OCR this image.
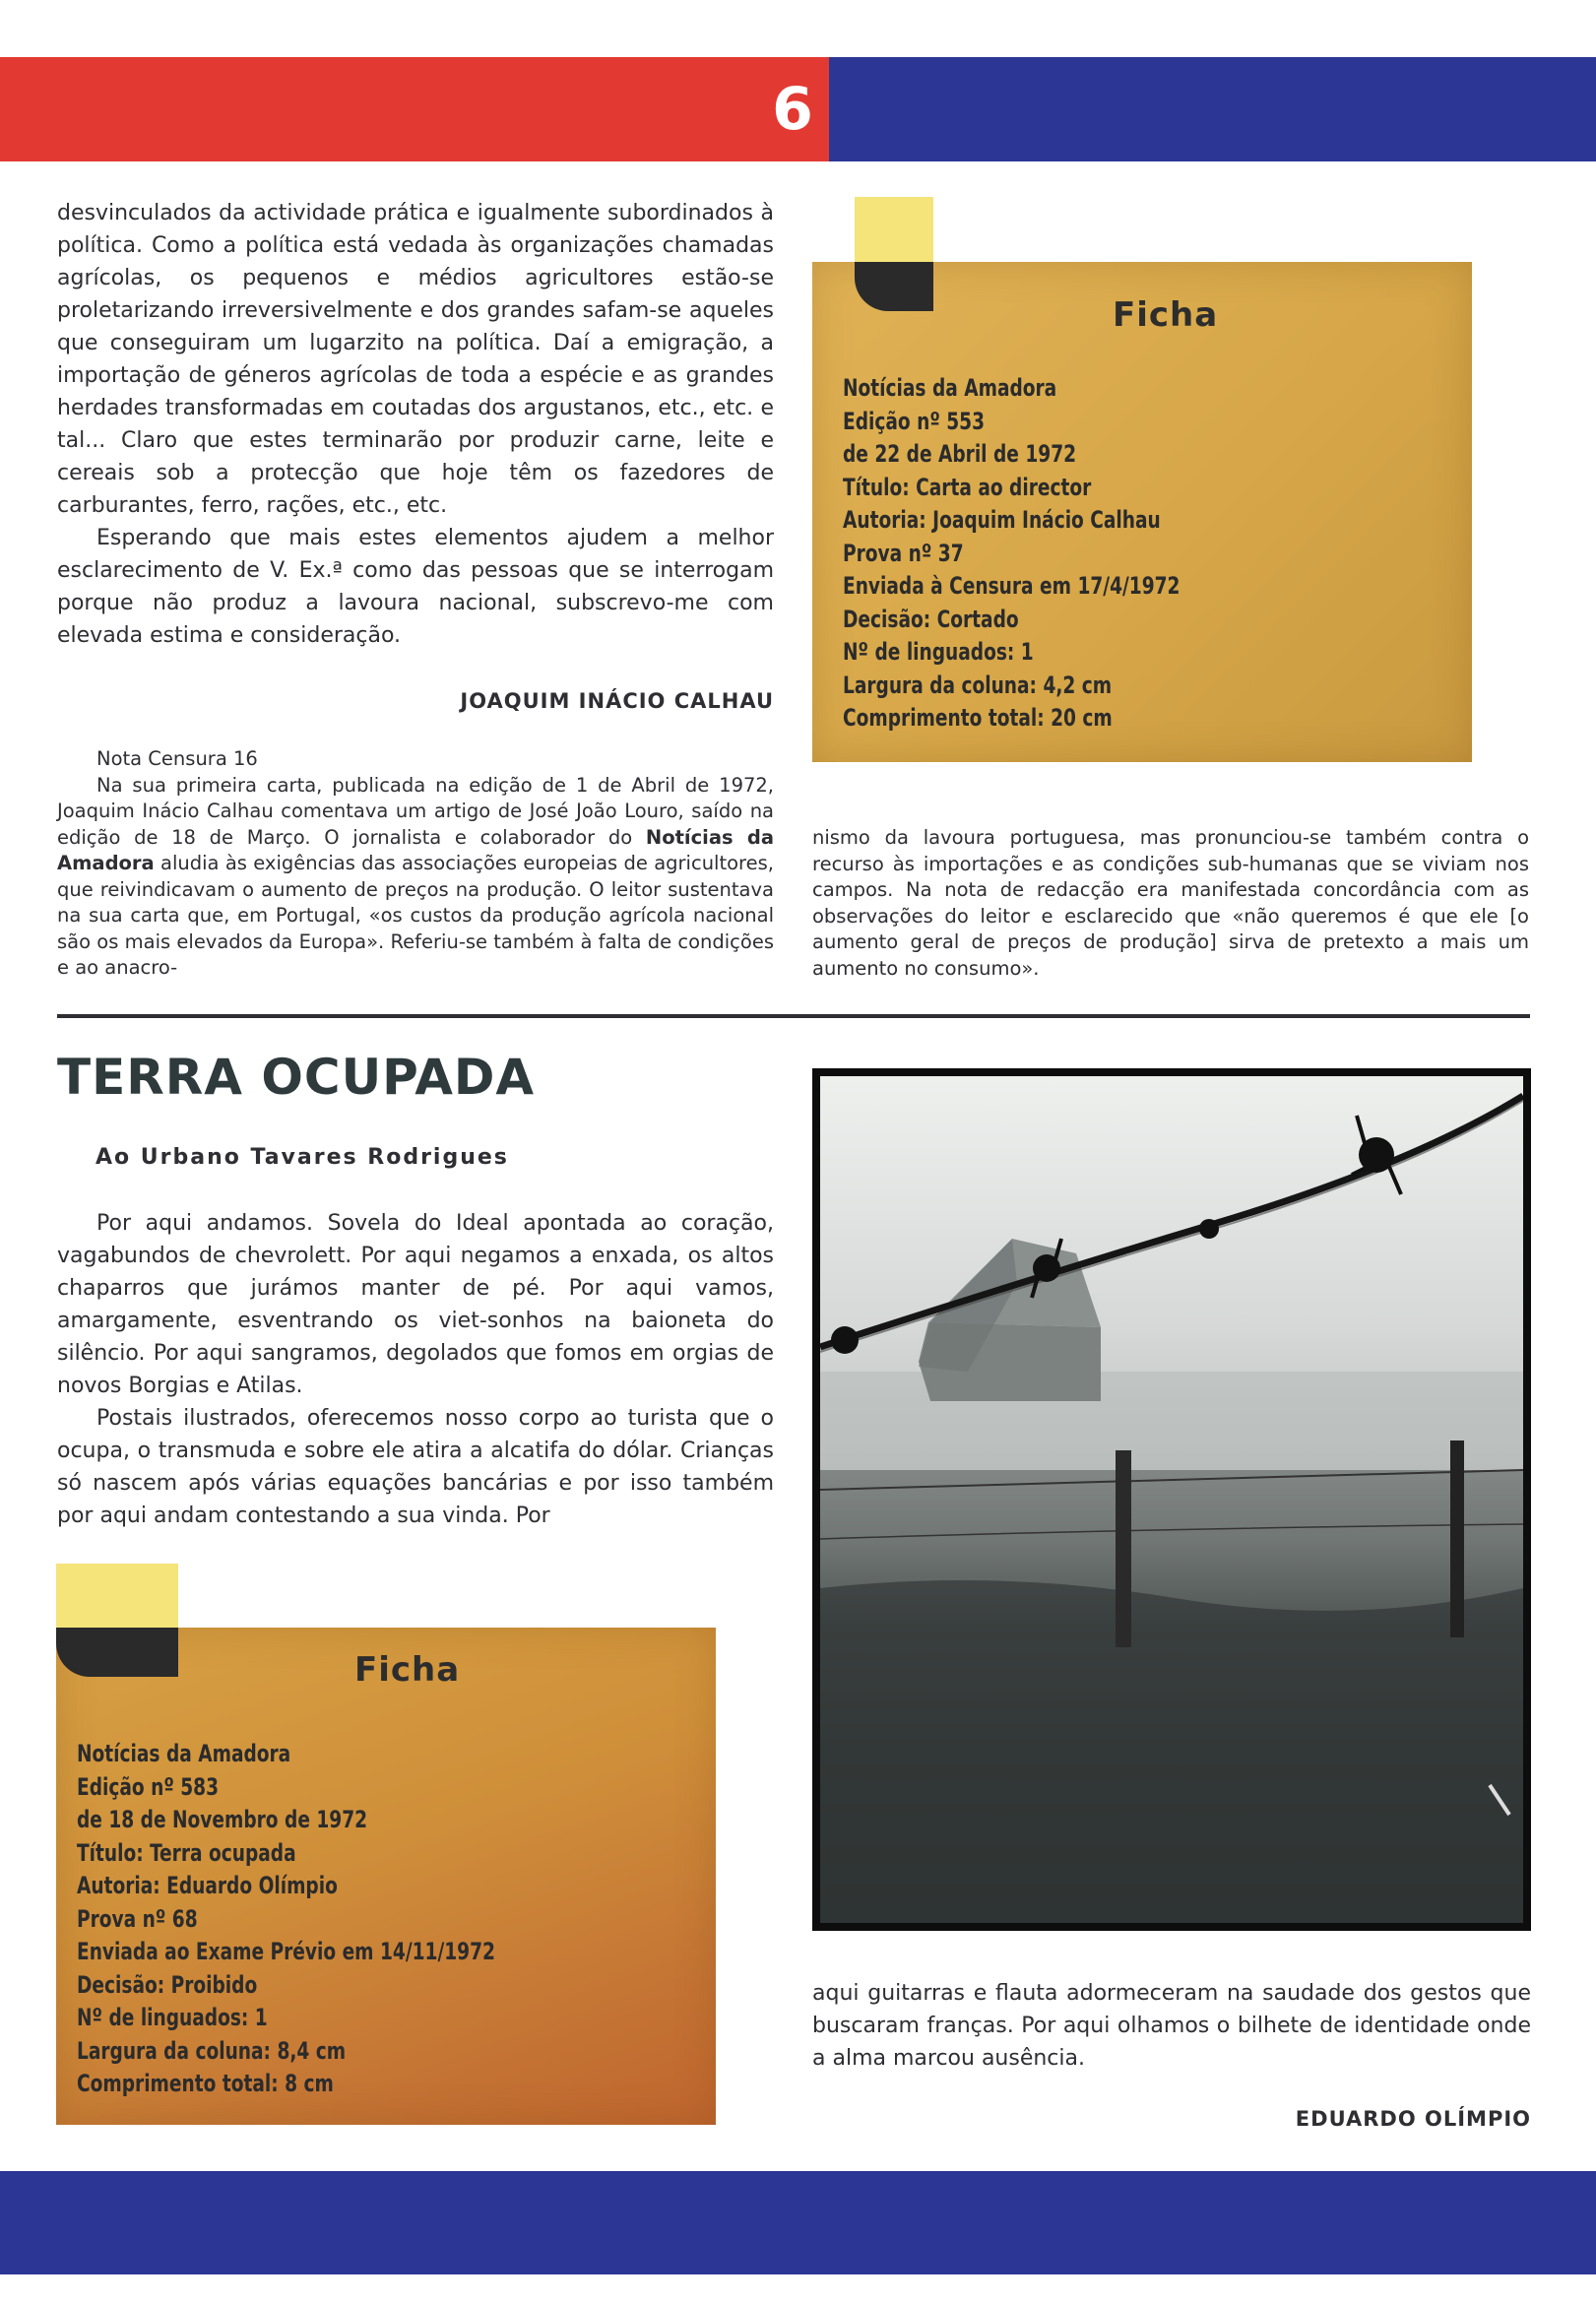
6

desvinculados da actividade prática e igualmente subordinados à política. Como a política está vedada às organizações chamadas agrícolas, os pequenos e médios agricultores estão-se proletarizando irreversivelmente e dos grandes safam-se aqueles que conseguiram um lugarzito na política. Daí a emigração, a importação de géneros agrícolas de toda a espécie e as grandes herdades transformadas em coutadas dos argustanos, etc., etc. e tal... Claro que estes terminarão por produzir carne, leite e cereais sob a protecção que hoje têm os fazedores de carburantes, ferro, rações, etc., etc.

Esperando que mais estes elementos ajudem a melhor esclarecimento de V. Ex.ª como das pessoas que se interrogam porque não produz a lavoura nacional, subscrevo-me com elevada estima e consideração.

JOAQUIM INÁCIO CALHAU

Nota Censura 16

Na sua primeira carta, publicada na edição de 1 de Abril de 1972, Joaquim Inácio Calhau comentava um artigo de José João Louro, saído na edição de 18 de Março. O jornalista e colaborador do Notícias da Amadora aludia às exigências das associações europeias de agricultores, que reivindicavam o aumento de preços na produção. O leitor sustentava na sua carta que, em Portugal, «os custos da produção agrícola nacional são os mais elevados da Europa». Referiu-se também à falta de condições e ao anacro-

nismo da lavoura portuguesa, mas pronunciou-se também contra o recurso às importações e as condições sub-humanas que se viviam nos campos. Na nota de redacção era manifestada concordância com as observações do leitor e esclarecido que «não queremos é que ele [o aumento geral de preços de produção] sirva de pretexto a mais um aumento no consumo».
Ficha
Notícias da Amadora
Edição nº 553
de 22 de Abril de 1972
Título: Carta ao director
Autoria: Joaquim Inácio Calhau
Prova nº 37
Enviada à Censura em 17/4/1972
Decisão: Cortado
Nº de linguados: 1
Largura da coluna: 4,2 cm
Comprimento total: 20 cm
TERRA OCUPADA
Ao Urbano Tavares Rodrigues

Por aqui andamos. Sovela do Ideal apontada ao coração, vagabundos de chevrolett. Por aqui negamos a enxada, os altos chaparros que jurámos manter de pé. Por aqui vamos, amargamente, esventrando os viet-sonhos na baioneta do silêncio. Por aqui sangramos, degolados que fomos em orgias de novos Borgias e Atilas.

Postais ilustrados, oferecemos nosso corpo ao turista que o ocupa, o transmuda e sobre ele atira a alcatifa do dólar. Crianças só nascem após várias equações bancárias e por isso também por aqui andam contestando a sua vinda. Por

aqui guitarras e flauta adormeceram na saudade dos gestos que buscaram franças. Por aqui olhamos o bilhete de identidade onde a alma marcou ausência.
EDUARDO OLÍMPIO
Ficha
Notícias da Amadora
Edição nº 583
de 18 de Novembro de 1972
Título: Terra ocupada
Autoria: Eduardo Olímpio
Prova nº 68
Enviada ao Exame Prévio em 14/11/1972
Decisão: Proibido
Nº de linguados: 1
Largura da coluna: 8,4 cm
Comprimento total: 8 cm
